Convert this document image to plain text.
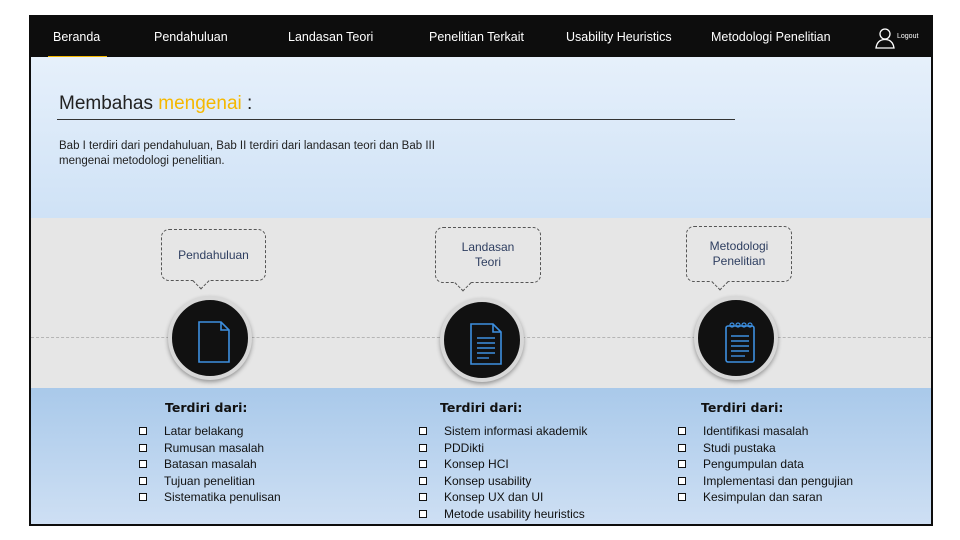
Beranda	Pendahuluan	Landasan Teori	Penelitian Terkait	Usability Heuristics	Metodologi Penelitian	Logout
Membahas mengenai :

Bab I terdiri dari pendahuluan, Bab II terdiri dari landasan teori dan Bab III mengenai metodologi penelitian.

Pendahuluan
Landasan Teori
Metodologi Penelitian
Terdiri dari:
Latar belakang
Rumusan masalah
Batasan masalah
Tujuan penelitian
Sistematika penulisan
Terdiri dari:
Sistem informasi akademik
PDDikti
Konsep HCI
Konsep usability
Konsep UX dan UI
Metode usability heuristics
Terdiri dari:
Identifikasi masalah
Studi pustaka
Pengumpulan data
Implementasi dan pengujian
Kesimpulan dan saran
